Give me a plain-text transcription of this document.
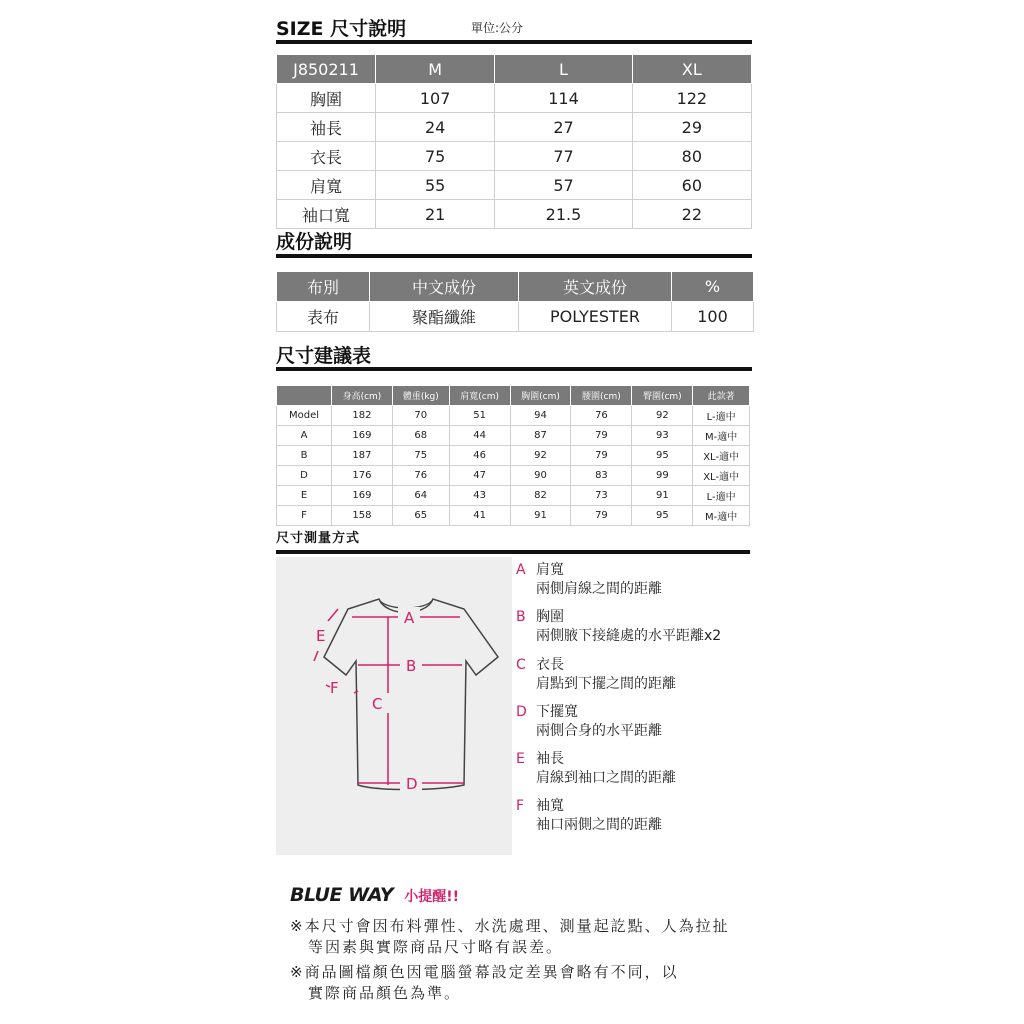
SIZE 尺寸說明	單位:公分
J850211	M	L	XL
胸圍	107	114	122
袖長	24	27	29
衣長	75	77	80
肩寬	55	57	60
袖口寬	21	21.5	22
成份說明
布別	中文成份	英文成份	%
表布	聚酯纖維	POLYESTER	100
尺寸建議表
	身高(cm)	體重(kg)	肩寬(cm)	胸圍(cm)	腰圍(cm)	臀圍(cm)	此款著
Model	182	70	51	94	76	92	L-適中
A	169	68	44	87	79	93	M-適中
B	187	75	46	92	79	95	XL-適中
D	176	76	47	90	83	99	XL-適中
E	169	64	43	82	73	91	L-適中
F	158	65	41	91	79	95	M-適中
尺寸測量方式
A
B
C
D
E
F
A 肩寬
兩側肩線之間的距離
B 胸圍
兩側腋下接縫處的水平距離x2
C 衣長
肩點到下擺之間的距離
D 下擺寬
兩側合身的水平距離
E 袖長
肩線到袖口之間的距離
F 袖寬
袖口兩側之間的距離
BLUE WAY 小提醒!!
※本尺寸會因布料彈性、水洗處理、測量起訖點、人為拉扯
等因素與實際商品尺寸略有誤差。
※商品圖檔顏色因電腦螢幕設定差異會略有不同，以
實際商品顏色為準。
